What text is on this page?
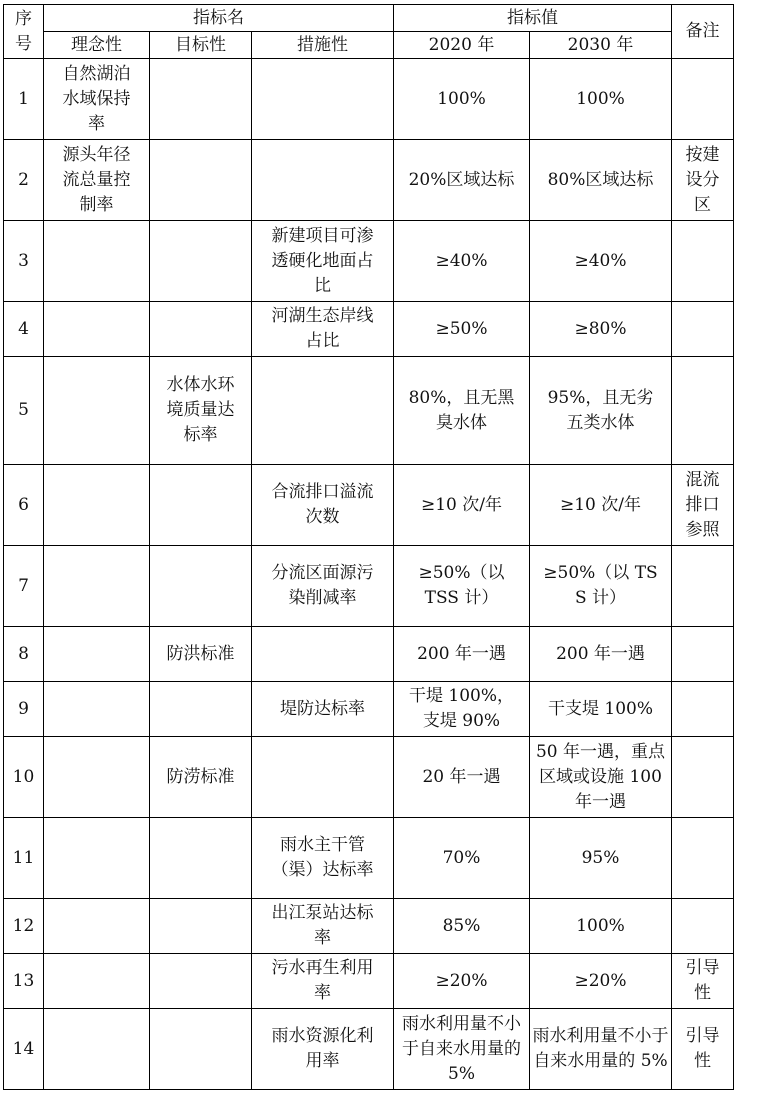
序号	指标名			指标值		备注
	理念性	目标性	措施性	2020 年	2030 年	
1	自然湖泊水域保持率			100%	100%	
2	源头年径流总量控制率			20%区域达标	80%区域达标	按建设分区
3			新建项目可渗透硬化地面占比	≥40%	≥40%	
4			河湖生态岸线占比	≥50%	≥80%	
5		水体水环境质量达标率		80%，且无黑臭水体	95%，且无劣五类水体	
6			合流排口溢流次数	≥10 次/年	≥10 次/年	混流排口参照
7			分流区面源污染削减率	≥50%（以 TSS 计）	≥50%（以 TSS 计）	
8		防洪标准		200 年一遇	200 年一遇	
9			堤防达标率	干堤 100%，支堤 90%	干支堤 100%	
10		防涝标准		20 年一遇	50 年一遇，重点区域或设施 100 年一遇	
11			雨水主干管（渠）达标率	70%	95%	
12			出江泵站达标率	85%	100%	
13			污水再生利用率	≥20%	≥20%	引导性
14			雨水资源化利用率	雨水利用量不小于自来水用量的 5%	雨水利用量不小于自来水用量的 5%	引导性
